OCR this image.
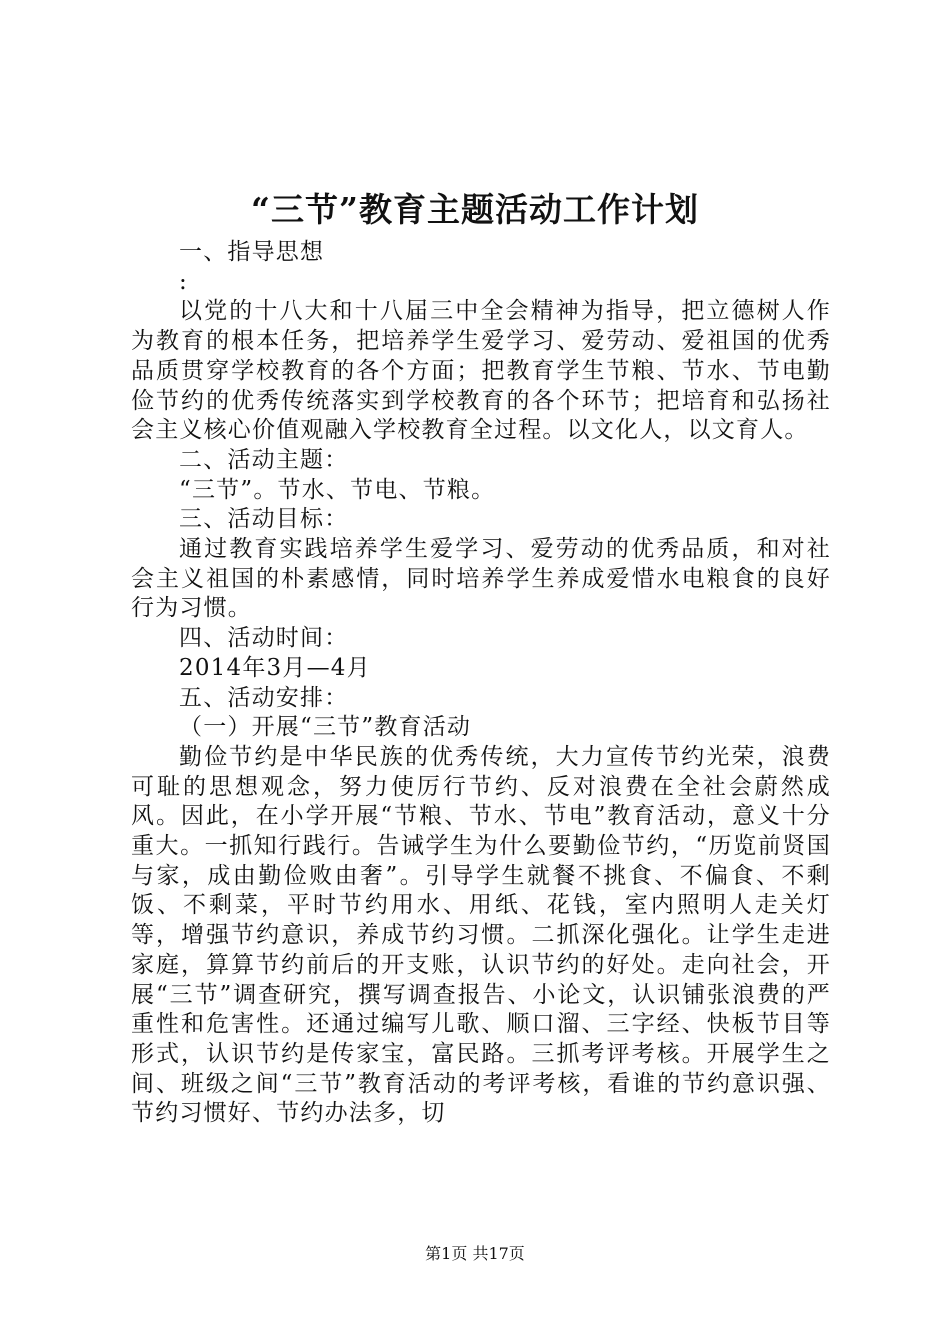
“三节”教育主题活动工作计划

一、指导思想

:

以党的十八大和十八届三中全会精神为指导，把立德树人作为教育的根本任务，把培养学生爱学习、爱劳动、爱祖国的优秀品质贯穿学校教育的各个方面；把教育学生节粮、节水、节电勤俭节约的优秀传统落实到学校教育的各个环节；把培育和弘扬社会主义核心价值观融入学校教育全过程。以文化人，以文育人。

二、活动主题：

“三节”。节水、节电、节粮。

三、活动目标：

通过教育实践培养学生爱学习、爱劳动的优秀品质，和对社会主义祖国的朴素感情，同时培养学生养成爱惜水电粮食的良好行为习惯。

四、活动时间：

2014年3月—4月

五、活动安排：

（一）开展“三节”教育活动

勤俭节约是中华民族的优秀传统，大力宣传节约光荣，浪费可耻的思想观念，努力使厉行节约、反对浪费在全社会蔚然成风。因此，在小学开展“节粮、节水、节电”教育活动，意义十分重大。一抓知行践行。告诫学生为什么要勤俭节约，“历览前贤国与家，成由勤俭败由奢”。引导学生就餐不挑食、不偏食、不剩饭、不剩菜，平时节约用水、用纸、花钱，室内照明人走关灯等，增强节约意识，养成节约习惯。二抓深化强化。让学生走进家庭，算算节约前后的开支账，认识节约的好处。走向社会，开展“三节”调查研究，撰写调查报告、小论文，认识铺张浪费的严重性和危害性。还通过编写儿歌、顺口溜、三字经、快板节目等形式，认识节约是传家宝，富民路。三抓考评考核。开展学生之间、班级之间“三节”教育活动的考评考核，看谁的节约意识强、节约习惯好、节约办法多，切

第1页 共17页
